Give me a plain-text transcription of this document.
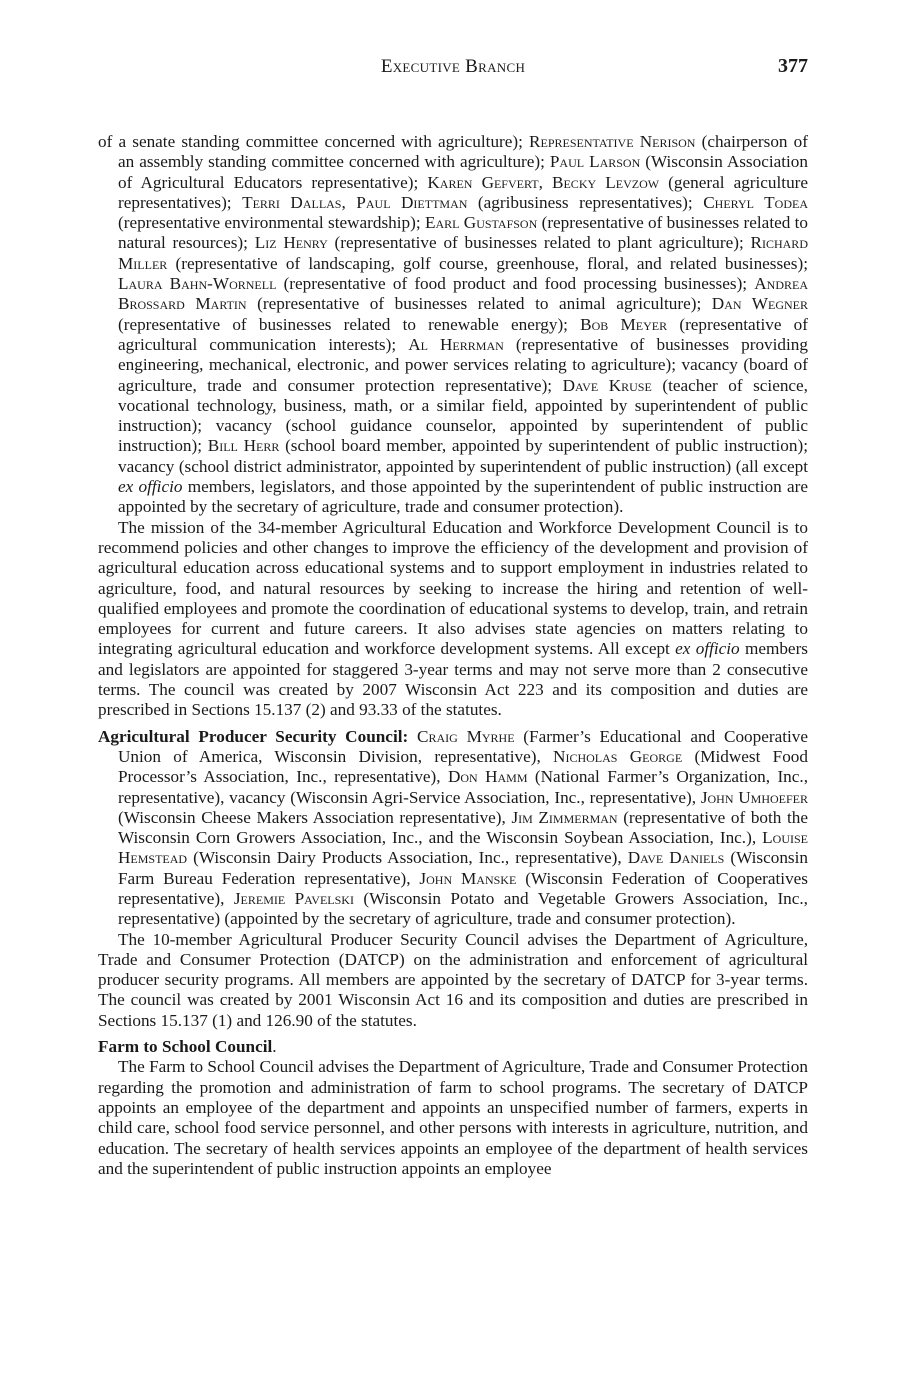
Executive Branch	377

of a senate standing committee concerned with agriculture); Representative Nerison (chairperson of an assembly standing committee concerned with agriculture); Paul Larson (Wisconsin Association of Agricultural Educators representative); Karen Gefvert, Becky Levzow (general agriculture representatives); Terri Dallas, Paul Diettman (agribusiness representatives); Cheryl Todea (representative environmental stewardship); Earl Gustafson (representative of businesses related to natural resources); Liz Henry (representative of businesses related to plant agriculture); Richard Miller (representative of landscaping, golf course, greenhouse, floral, and related businesses); Laura Bahn-Wornell (representative of food product and food processing businesses); Andrea Brossard Martin (representative of businesses related to animal agriculture); Dan Wegner (representative of businesses related to renewable energy); Bob Meyer (representative of agricultural communication interests); Al Herrman (representative of businesses providing engineering, mechanical, electronic, and power services relating to agriculture); vacancy (board of agriculture, trade and consumer protection representative); Dave Kruse (teacher of science, vocational technology, business, math, or a similar field, appointed by superintendent of public instruction); vacancy (school guidance counselor, appointed by superintendent of public instruction); Bill Herr (school board member, appointed by superintendent of public instruction); vacancy (school district administrator, appointed by superintendent of public instruction) (all except ex officio members, legislators, and those appointed by the superintendent of public instruction are appointed by the secretary of agriculture, trade and consumer protection).

The mission of the 34-member Agricultural Education and Workforce Development Council is to recommend policies and other changes to improve the efficiency of the development and provision of agricultural education across educational systems and to support employment in industries related to agriculture, food, and natural resources by seeking to increase the hiring and retention of well-qualified employees and promote the coordination of educational systems to develop, train, and retrain employees for current and future careers. It also advises state agencies on matters relating to integrating agricultural education and workforce development systems. All except ex officio members and legislators are appointed for staggered 3-year terms and may not serve more than 2 consecutive terms. The council was created by 2007 Wisconsin Act 223 and its composition and duties are prescribed in Sections 15.137 (2) and 93.33 of the statutes.

Agricultural Producer Security Council: Craig Myrhe (Farmer’s Educational and Cooperative Union of America, Wisconsin Division, representative), Nicholas George (Midwest Food Processor’s Association, Inc., representative), Don Hamm (National Farmer’s Organization, Inc., representative), vacancy (Wisconsin Agri-Service Association, Inc., representative), John Umhoefer (Wisconsin Cheese Makers Association representative), Jim Zimmerman (representative of both the Wisconsin Corn Growers Association, Inc., and the Wisconsin Soybean Association, Inc.), Louise Hemstead (Wisconsin Dairy Products Association, Inc., representative), Dave Daniels (Wisconsin Farm Bureau Federation representative), John Manske (Wisconsin Federation of Cooperatives representative), Jeremie Pavelski (Wisconsin Potato and Vegetable Growers Association, Inc., representative) (appointed by the secretary of agriculture, trade and consumer protection).

The 10-member Agricultural Producer Security Council advises the Department of Agriculture, Trade and Consumer Protection (DATCP) on the administration and enforcement of agricultural producer security programs. All members are appointed by the secretary of DATCP for 3-year terms. The council was created by 2001 Wisconsin Act 16 and its composition and duties are prescribed in Sections 15.137 (1) and 126.90 of the statutes.

Farm to School Council.

The Farm to School Council advises the Department of Agriculture, Trade and Consumer Protection regarding the promotion and administration of farm to school programs. The secretary of DATCP appoints an employee of the department and appoints an unspecified number of farmers, experts in child care, school food service personnel, and other persons with interests in agriculture, nutrition, and education. The secretary of health services appoints an employee of the department of health services and the superintendent of public instruction appoints an employee
